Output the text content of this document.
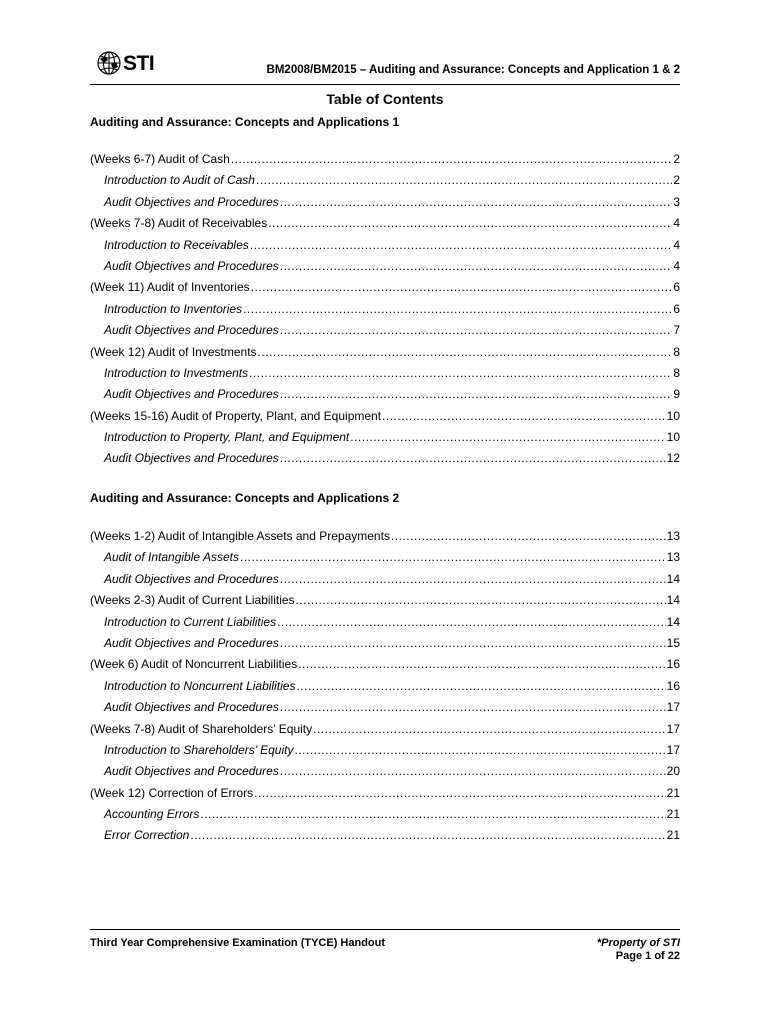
STI	BM2008/BM2015 – Auditing and Assurance: Concepts and Application 1 & 2
Table of Contents
Auditing and Assurance: Concepts and Applications 1
(Weeks 6-7) Audit of Cash .....	2
Introduction to Audit of Cash .....	2
Audit Objectives and Procedures .....	3
(Weeks 7-8) Audit of Receivables .....	4
Introduction to Receivables .....	4
Audit Objectives and Procedures .....	4
(Week 11) Audit of Inventories .....	6
Introduction to Inventories .....	6
Audit Objectives and Procedures .....	7
(Week 12) Audit of Investments .....	8
Introduction to Investments .....	8
Audit Objectives and Procedures .....	9
(Weeks 15-16) Audit of Property, Plant, and Equipment .....	10
Introduction to Property, Plant, and Equipment .....	10
Audit Objectives and Procedures .....	12
Auditing and Assurance: Concepts and Applications 2
(Weeks 1-2) Audit of Intangible Assets and Prepayments .....	13
Audit of Intangible Assets .....	13
Audit Objectives and Procedures .....	14
(Weeks 2-3) Audit of Current Liabilities .....	14
Introduction to Current Liabilities .....	14
Audit Objectives and Procedures .....	15
(Week 6) Audit of Noncurrent Liabilities .....	16
Introduction to Noncurrent Liabilities .....	16
Audit Objectives and Procedures .....	17
(Weeks 7-8) Audit of Shareholders’ Equity .....	17
Introduction to Shareholders’ Equity .....	17
Audit Objectives and Procedures .....	20
(Week 12) Correction of Errors .....	21
Accounting Errors .....	21
Error Correction .....	21
Third Year Comprehensive Examination (TYCE) Handout	*Property of STI
Page 1 of 22
